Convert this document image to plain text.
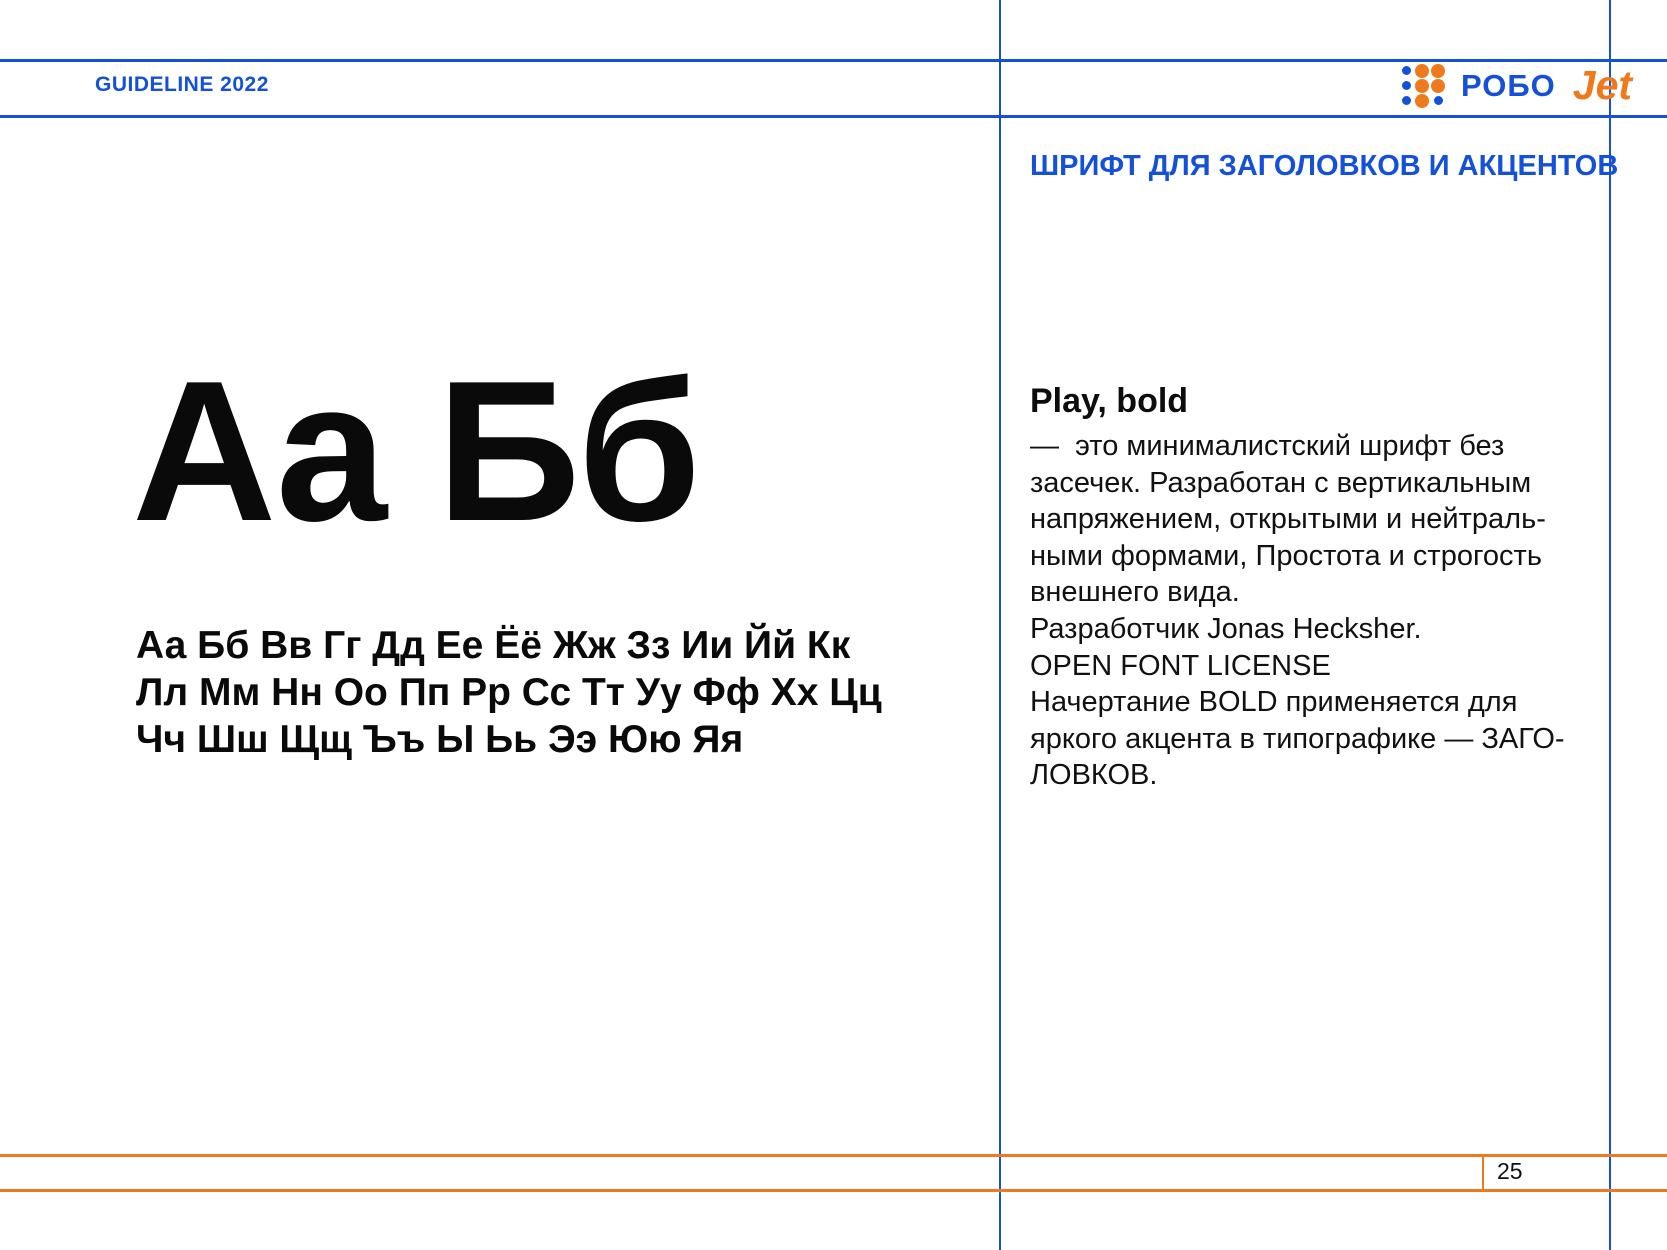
GUIDELINE 2022	РОБО Jet
ШРИФТ ДЛЯ ЗАГОЛОВКОВ И АКЦЕНТОВ
Play, bold
—  это минималистский шрифт без
засечек. Разработан с вертикальным
напряжением, открытыми и нейтраль-
ными формами, Простота и строгость
внешнего вида.
Разработчик Jonas Hecksher.
OPEN FONT LICENSE
Начертание BOLD применяется для
яркого акцента в типографике — ЗАГО-
ЛОВКОВ.
Аа Бб
Аа Бб Вв Гг Дд Ее Ёё Жж Зз Ии Йй Кк
Лл Мм Нн Оо Пп Рр Сс Тт Уу Фф Хх Цц
Чч Шш Щщ Ъъ Ы Ьь Ээ Юю Яя
25
